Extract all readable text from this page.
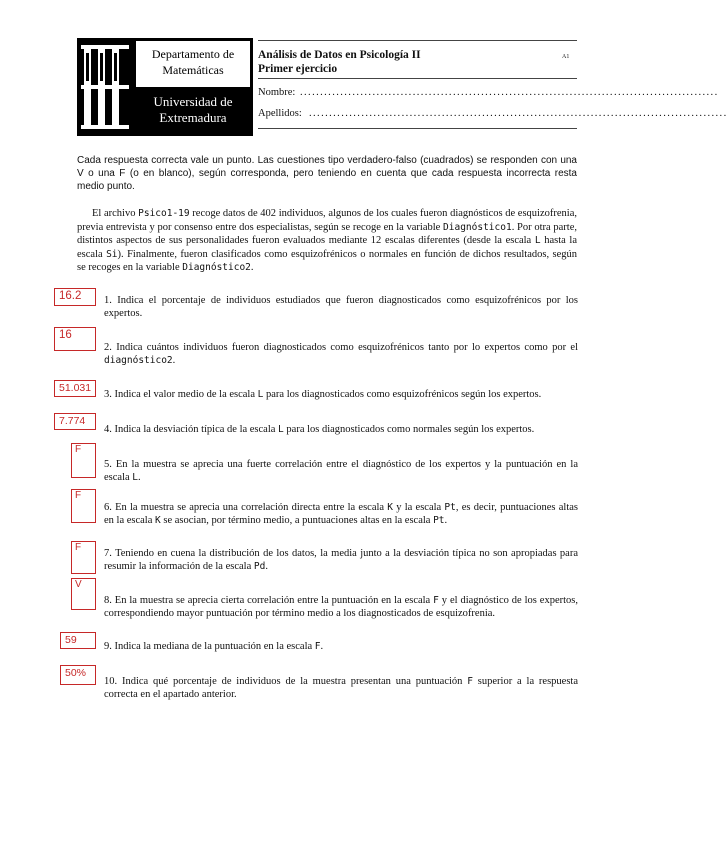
Departamento de
Matemáticas
Universidad de
Extremadura
Análisis de Datos en Psicología II
Primer ejercicio
A1
Nombre: ........................................................................................................
Apellidos: ........................................................................................................
Cada respuesta correcta vale un punto. Las cuestiones tipo verdadero-falso (cuadrados) se responden con una V o una F (o en blanco), según corresponda, pero teniendo en cuenta que cada respuesta incorrecta resta medio punto.
El archivo Psico1-19 recoge datos de 402 individuos, algunos de los cuales fueron diagnósticos de esquizofrenia, previa entrevista y por consenso entre dos especialistas, según se recoge en la variable Diagnóstico1. Por otra parte, distintos aspectos de sus personalidades fueron evaluados mediante 12 escalas diferentes (desde la escala L hasta la escala Si). Finalmente, fueron clasificados como esquizofrénicos o normales en función de dichos resultados, según se recoges en la variable Diagnóstico2.
16.2	1. Indica el porcentaje de individuos estudiados que fueron diagnosticados como esquizofrénicos por los expertos.
16
2. Indica cuántos individuos fueron diagnosticados como esquizofrénicos tanto por lo expertos como por el diagnóstico2.
51.031
3. Indica el valor medio de la escala L para los diagnosticados como esquizofrénicos según los expertos.
7.774
4. Indica la desviación típica de la escala L para los diagnosticados como normales según los expertos.
F
5. En la muestra se aprecia una fuerte correlación entre el diagnóstico de los expertos y la puntuación en la escala L.
F
6. En la muestra se aprecia una correlación directa entre la escala K y la escala Pt, es decir, puntuaciones altas en la escala K se asocian, por término medio, a puntuaciones altas en la escala Pt.
F
7. Teniendo en cuena la distribución de los datos, la media junto a la desviación típica no son apropiadas para resumir la información de la escala Pd.
V
8. En la muestra se aprecia cierta correlación entre la puntuación en la escala F y el diagnóstico de los expertos, correspondiendo mayor puntuación por término medio a los diagnosticados de esquizofrenia.
59
9. Indica la mediana de la puntuación en la escala F.
50%
10. Indica qué porcentaje de individuos de la muestra presentan una puntuación F superior a la respuesta correcta en el apartado anterior.
